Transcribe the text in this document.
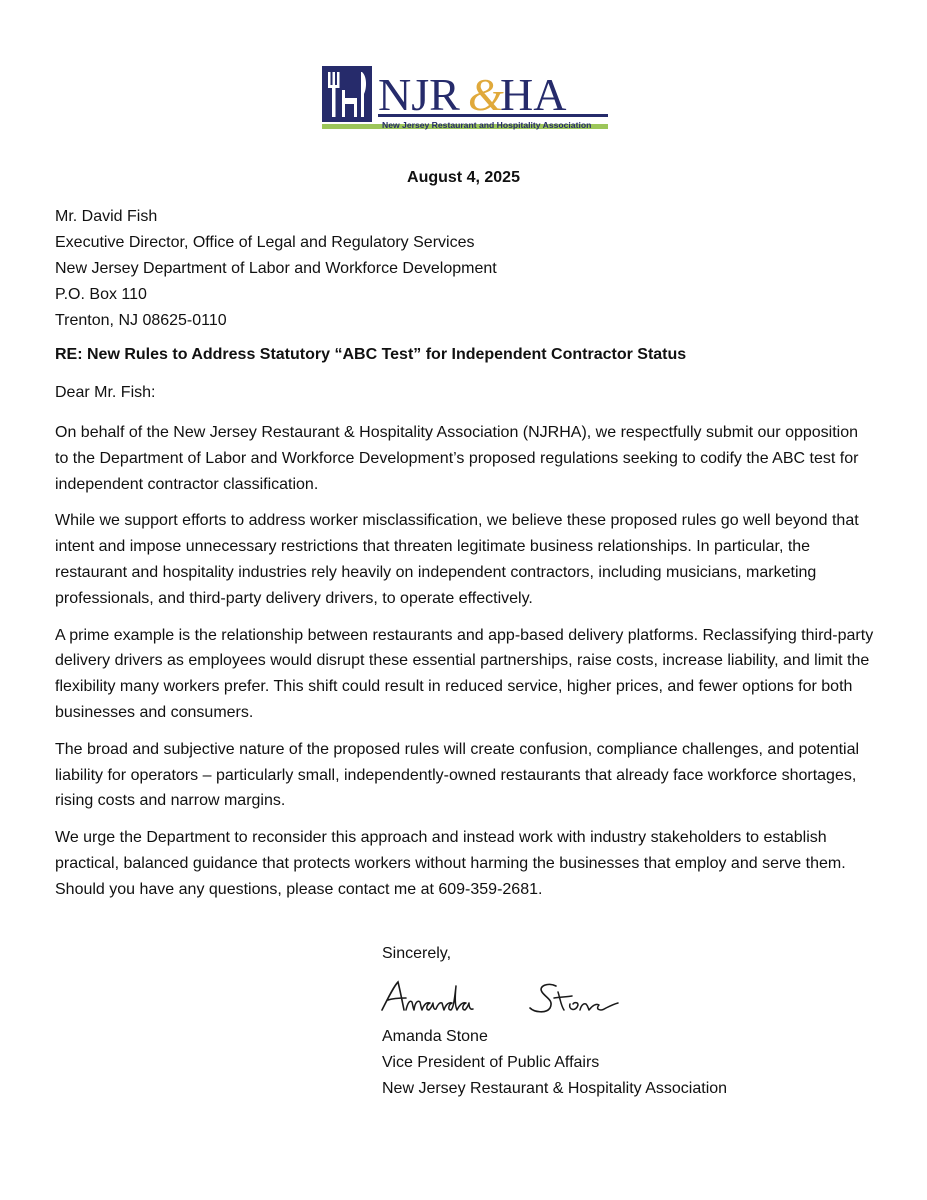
NJR &
HA
New Jersey Restaurant and Hospitality Association
August 4, 2025
Mr. David Fish
Executive Director, Office of Legal and Regulatory Services
New Jersey Department of Labor and Workforce Development
P.O. Box 110
Trenton, NJ 08625-0110
RE: New Rules to Address Statutory “ABC Test” for Independent Contractor Status
Dear Mr. Fish:

On behalf of the New Jersey Restaurant & Hospitality Association (NJRHA), we respectfully submit our opposition to the Department of Labor and Workforce Development’s proposed regulations seeking to codify the ABC test for independent contractor classification.

While we support efforts to address worker misclassification, we believe these proposed rules go well beyond that intent and impose unnecessary restrictions that threaten legitimate business relationships. In particular, the restaurant and hospitality industries rely heavily on independent contractors, including musicians, marketing professionals, and third-party delivery drivers, to operate effectively.

A prime example is the relationship between restaurants and app-based delivery platforms. Reclassifying third-party delivery drivers as employees would disrupt these essential partnerships, raise costs, increase liability, and limit the flexibility many workers prefer. This shift could result in reduced service, higher prices, and fewer options for both businesses and consumers.

The broad and subjective nature of the proposed rules will create confusion, compliance challenges, and potential liability for operators – particularly small, independently-owned restaurants that already face workforce shortages, rising costs and narrow margins.

We urge the Department to reconsider this approach and instead work with industry stakeholders to establish practical, balanced guidance that protects workers without harming the businesses that employ and serve them. Should you have any questions, please contact me at 609-359-2681.

Sincerely,
Amanda Stone
Vice President of Public Affairs
New Jersey Restaurant & Hospitality Association
